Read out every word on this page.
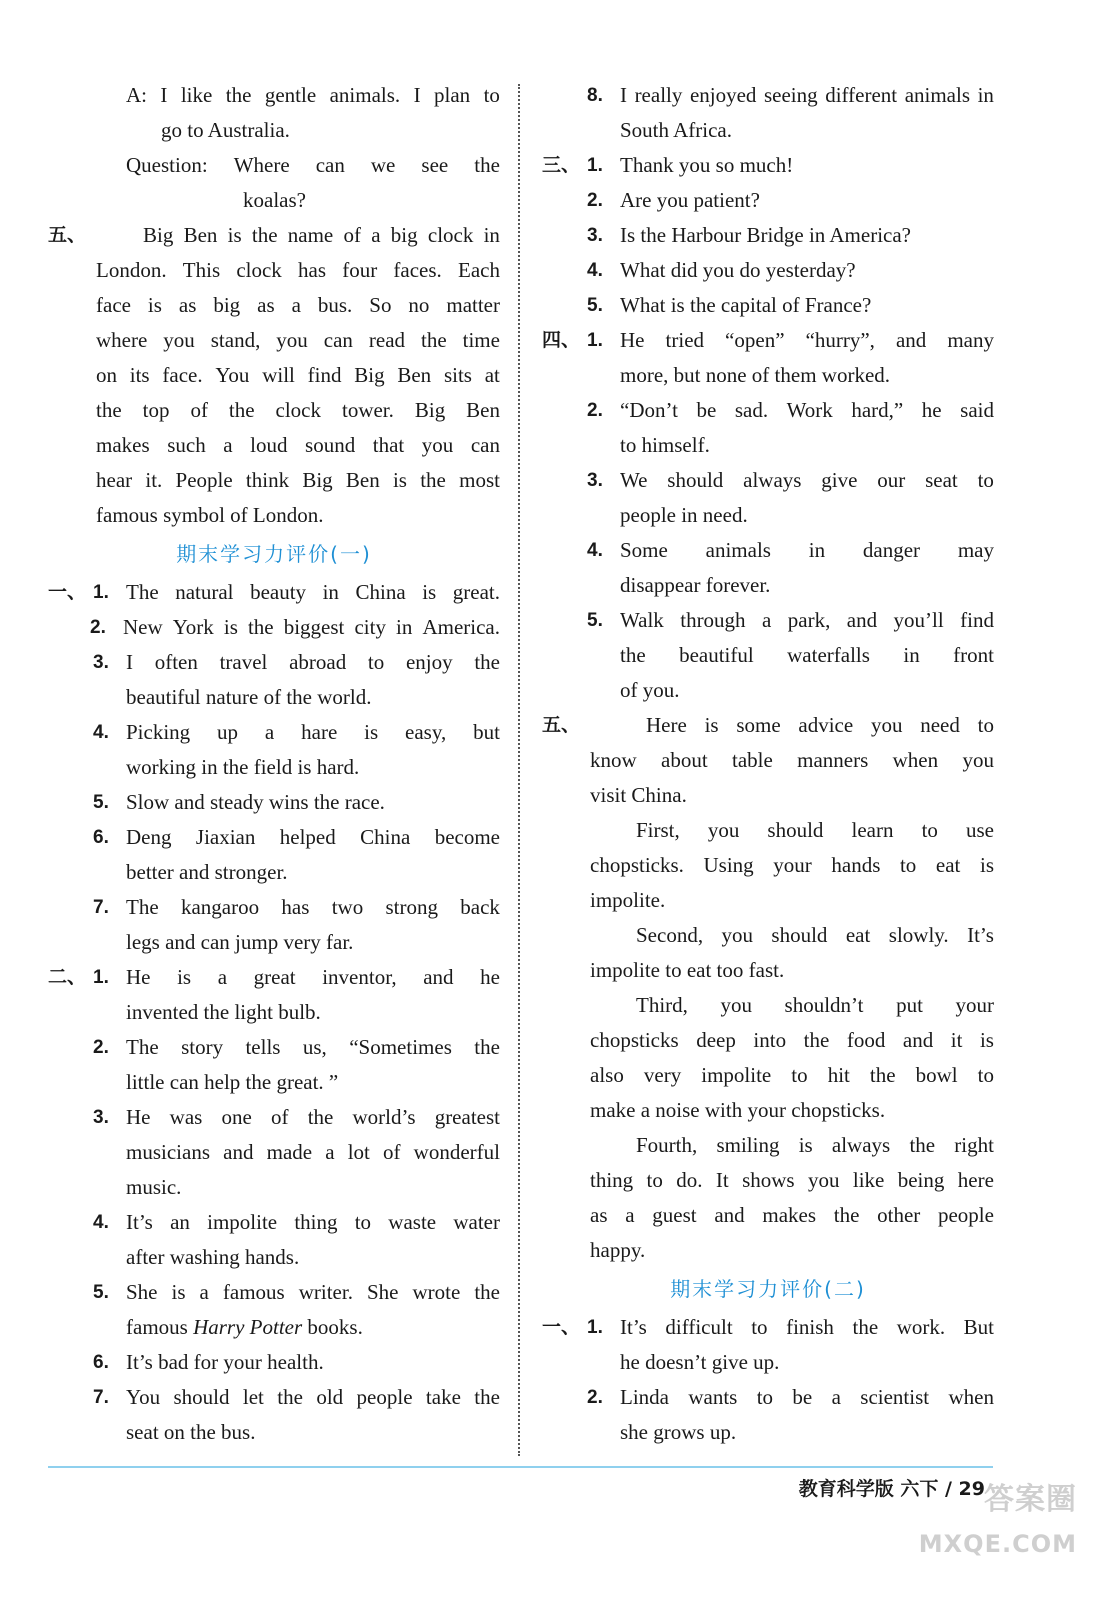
A: I like the gentle animals. I plan to
go to Australia.
Question: Where can we see the
koalas?
五、	Big Ben is the name of a big clock in
London. This clock has four faces. Each
face is as big as a bus. So no matter
where you stand, you can read the time
on its face. You will find Big Ben sits at
the top of the clock tower. Big Ben
makes such a loud sound that you can
hear it. People think Big Ben is the most
famous symbol of London.
期末学习力评价(一)
一、 1. The natural beauty in China is great.
2. New York is the biggest city in America.
3. I often travel abroad to enjoy the
beautiful nature of the world.
4. Picking up a hare is easy, but
working in the field is hard.
5. Slow and steady wins the race.
6. Deng Jiaxian helped China become
better and stronger.
7. The kangaroo has two strong back
legs and can jump very far.
二、 1. He is a great inventor, and he
invented the light bulb.
2. The story tells us, “Sometimes the
little can help the great. ”
3. He was one of the world’s greatest
musicians and made a lot of wonderful
music.
4. It’s an impolite thing to waste water
after washing hands.
5. She is a famous writer. She wrote the
famous Harry Potter books.
6. It’s bad for your health.
7. You should let the old people take the
seat on the bus.
8. I really enjoyed seeing different animals in
South Africa.
三、 1. Thank you so much!
2. Are you patient?
3. Is the Harbour Bridge in America?
4. What did you do yesterday?
5. What is the capital of France?
四、 1. He tried “open” “hurry”, and many
more, but none of them worked.
2. “Don’t be sad. Work hard,” he said
to himself.
3. We should always give our seat to
people in need.
4. Some animals in danger may
disappear forever.
5. Walk through a park, and you’ll find
the beautiful waterfalls in front
of you.
五、	Here is some advice you need to
know about table manners when you
visit China.
First, you should learn to use
chopsticks. Using your hands to eat is
impolite.
Second, you should eat slowly. It’s
impolite to eat too fast.
Third, you shouldn’t put your
chopsticks deep into the food and it is
also very impolite to hit the bowl to
make a noise with your chopsticks.
Fourth, smiling is always the right
thing to do. It shows you like being here
as a guest and makes the other people
happy.
期末学习力评价(二)
一、 1. It’s difficult to finish the work. But
he doesn’t give up.
2. Linda wants to be a scientist when
she grows up.
教育科学版 六下 / 29 答案圈
MXQE.COM
